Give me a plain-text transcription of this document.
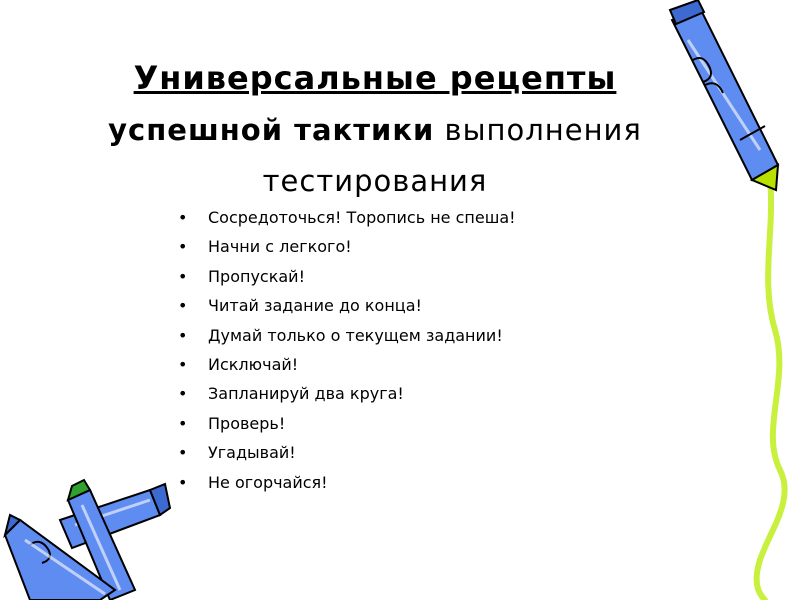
Универсальные рецепты
успешной тактики выполнения
тестирования
• Сосредоточься! Торопись не спеша!
• Начни с легкого!
• Пропускай!
• Читай задание до конца!
• Думай только о текущем задании!
• Исключай!
• Запланируй два круга!
• Проверь!
• Угадывай!
• Не огорчайся!
